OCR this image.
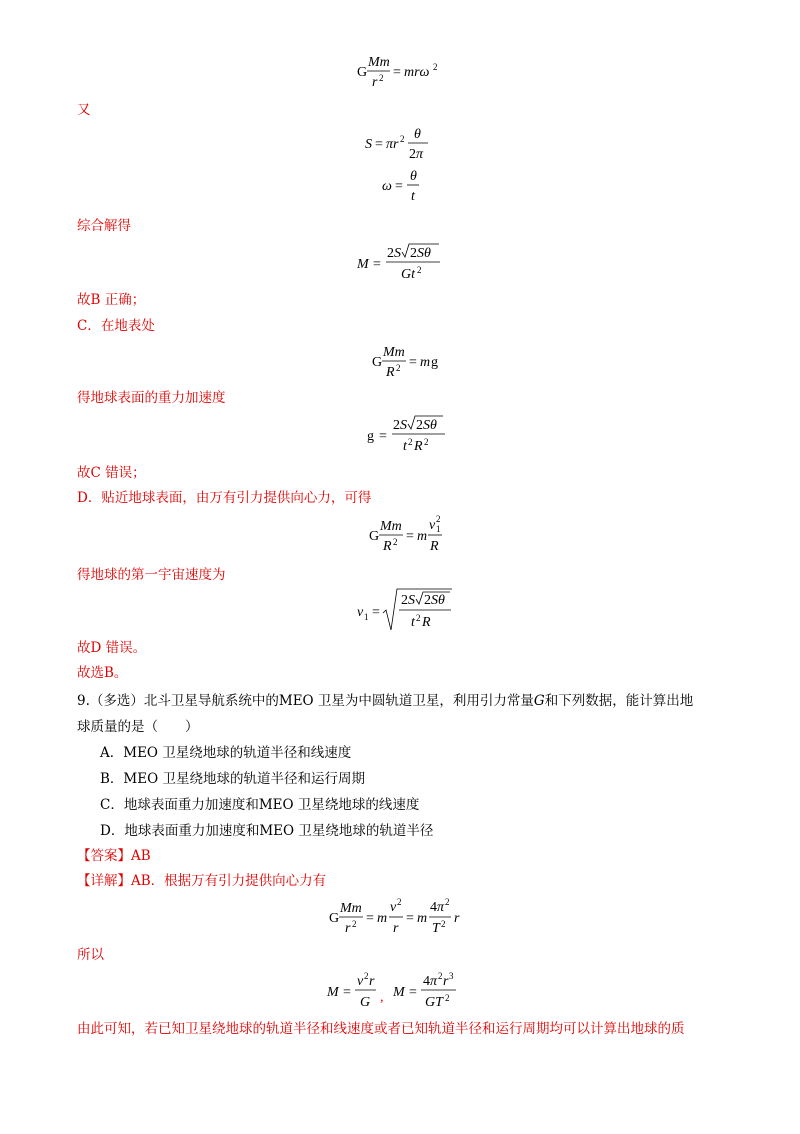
G
Mm
r 2 = mrω 2
又
S = πr 2 θ
2 π
ω =
θ
t
综合解得
M =
2 S 2 Sθ
Gt 2
故B 正确；
C．在地表处
G
Mm
R 2 = m g
得地球表面的重力加速度
g =
2 S 2 Sθ
t 2 R 2
故C 错误；
D．贴近地球表面，由万有引力提供向心力，可得
G
Mm
R 2 = m
v 2
1
R
得地球的第一宇宙速度为
v 1 =
2 S 2 Sθ
t 2 R
故D 错误。
故选B。
9.（多选）北斗卫星导航系统中的MEO 卫星为中圆轨道卫星，利用引力常量G和下列数据，能计算出地
球质量的是（　　）
A．MEO 卫星绕地球的轨道半径和线速度
B．MEO 卫星绕地球的轨道半径和运行周期
C．地球表面重力加速度和MEO 卫星绕地球的线速度
D．地球表面重力加速度和MEO 卫星绕地球的轨道半径
【答案】AB
【详解】AB．根据万有引力提供向心力有
G
Mm
r 2 = m
v 2
r
= m
4 π 2
T 2 r
所以
M =
v 2 r
G , M =
4 π 2 r 3
GT 2
由此可知，若已知卫星绕地球的轨道半径和线速度或者已知轨道半径和运行周期均可以计算出地球的质
